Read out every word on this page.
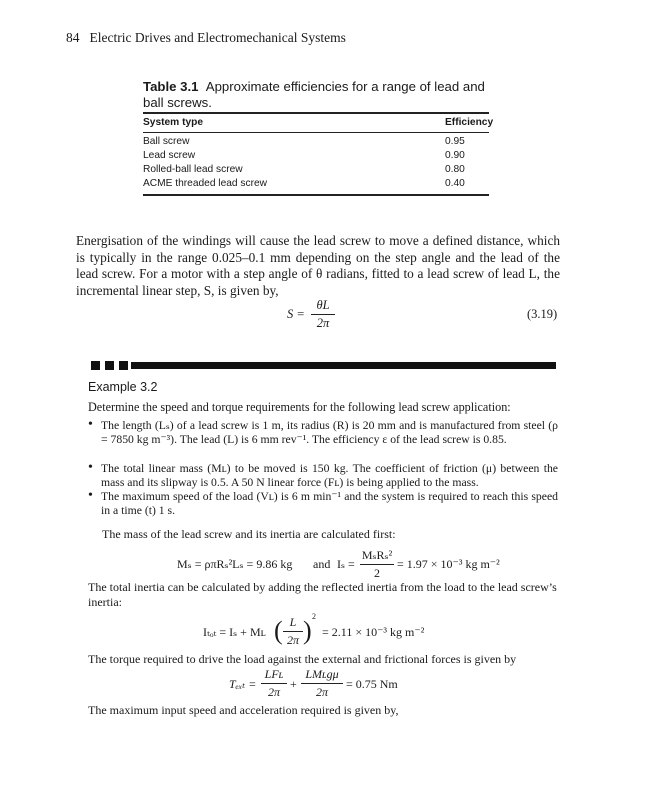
84 Electric Drives and Electromechanical Systems
Table 3.1 Approximate efficiencies for a range of lead and ball screws.
System type	Efficiency
Ball screw	0.95
Lead screw	0.90
Rolled-ball lead screw	0.80
ACME threaded lead screw	0.40
Energisation of the windings will cause the lead screw to move a defined distance, which is typically in the range 0.025–0.1 mm depending on the step angle and the lead of the lead screw. For a motor with a step angle of θ radians, fitted to a lead screw of lead L, the incremental linear step, S, is given by,
S =
θL
2π
(3.19)
Example 3.2
Determine the speed and torque requirements for the following lead screw application:
• The length (Lₛ) of a lead screw is 1 m, its radius (R) is 20 mm and is manufactured from steel (ρ = 7850 kg m⁻³). The lead (L) is 6 mm rev⁻¹. The efficiency ε of the lead screw is 0.85.
• The total linear mass (Mʟ) to be moved is 150 kg. The coefficient of friction (μ) between the mass and its slipway is 0.5. A 50 N linear force (Fʟ) is being applied to the mass.
• The maximum speed of the load (Vʟ) is 6 m min⁻¹ and the system is required to reach this speed in a time (t) 1 s.
The mass of the lead screw and its inertia are calculated first:
Mₛ = ρπRₛ²Lₛ = 9.86 kg and Iₛ =
MₛRₛ²
2
= 1.97 × 10⁻³ kg m⁻²
The total inertia can be calculated by adding the reflected inertia from the load to the lead screw’s inertia:
Iₜₒₜ = Iₛ + Mʟ ( L
2π ) 2
= 2.11 × 10⁻³ kg m⁻²
The torque required to drive the load against the external and frictional forces is given by
Tₑₓₜ =
LFʟ
2π
+
LMʟgμ
2π
= 0.75 Nm
The maximum input speed and acceleration required is given by,
